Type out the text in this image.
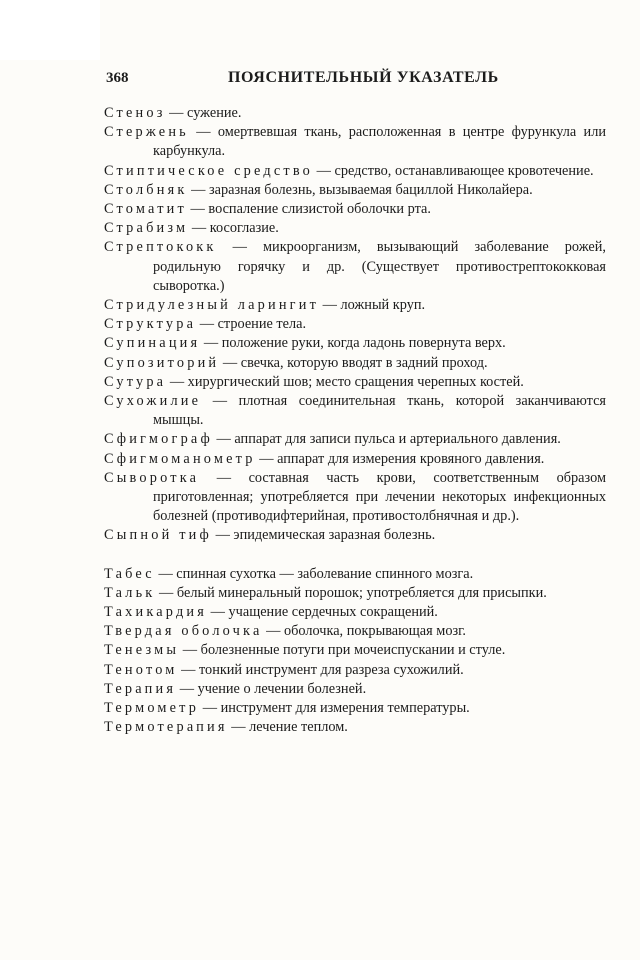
368	ПОЯСНИТЕЛЬНЫЙ УКАЗАТЕЛЬ

Стеноз — сужение.

Стержень — омертвевшая ткань, расположенная в центре фурункула или карбункула.

Стиптическое средство — средство, останавливающее кровотечение.

Столбняк — заразная болезнь, вызываемая бациллой Николайера.

Стоматит — воспаление слизистой оболочки рта.

Страбизм — косоглазие.

Стрептококк — микроорганизм, вызывающий заболевание рожей, родильную горячку и др. (Существует противострептококковая сыворотка.)

Стридулезный ларингит — ложный круп.

Структура — строение тела.

Супинация — положение руки, когда ладонь повернута верх.

Супозиторий — свечка, которую вводят в задний проход.

Сутура — хирургический шов; место сращения черепных костей.

Сухожилие — плотная соединительная ткань, которой заканчиваются мышцы.

Сфигмограф — аппарат для записи пульса и артериального давления.

Сфигмоманометр — аппарат для измерения кровяного давления.

Сыворотка — составная часть крови, соответственным образом приготовленная; употребляется при лечении некоторых инфекционных болезней (противодифтерийная, противостолбнячная и др.).

Сыпной тиф — эпидемическая заразная болезнь.

Табес — спинная сухотка — заболевание спинного мозга.

Тальк — белый минеральный порошок; употребляется для присыпки.

Тахикардия — учащение сердечных сокращений.

Твердая оболочка — оболочка, покрывающая мозг.

Тенезмы — болезненные потуги при мочеиспускании и стуле.

Тенотом — тонкий инструмент для разреза сухожилий.

Терапия — учение о лечении болезней.

Термометр — инструмент для измерения температуры.

Термотерапия — лечение теплом.
